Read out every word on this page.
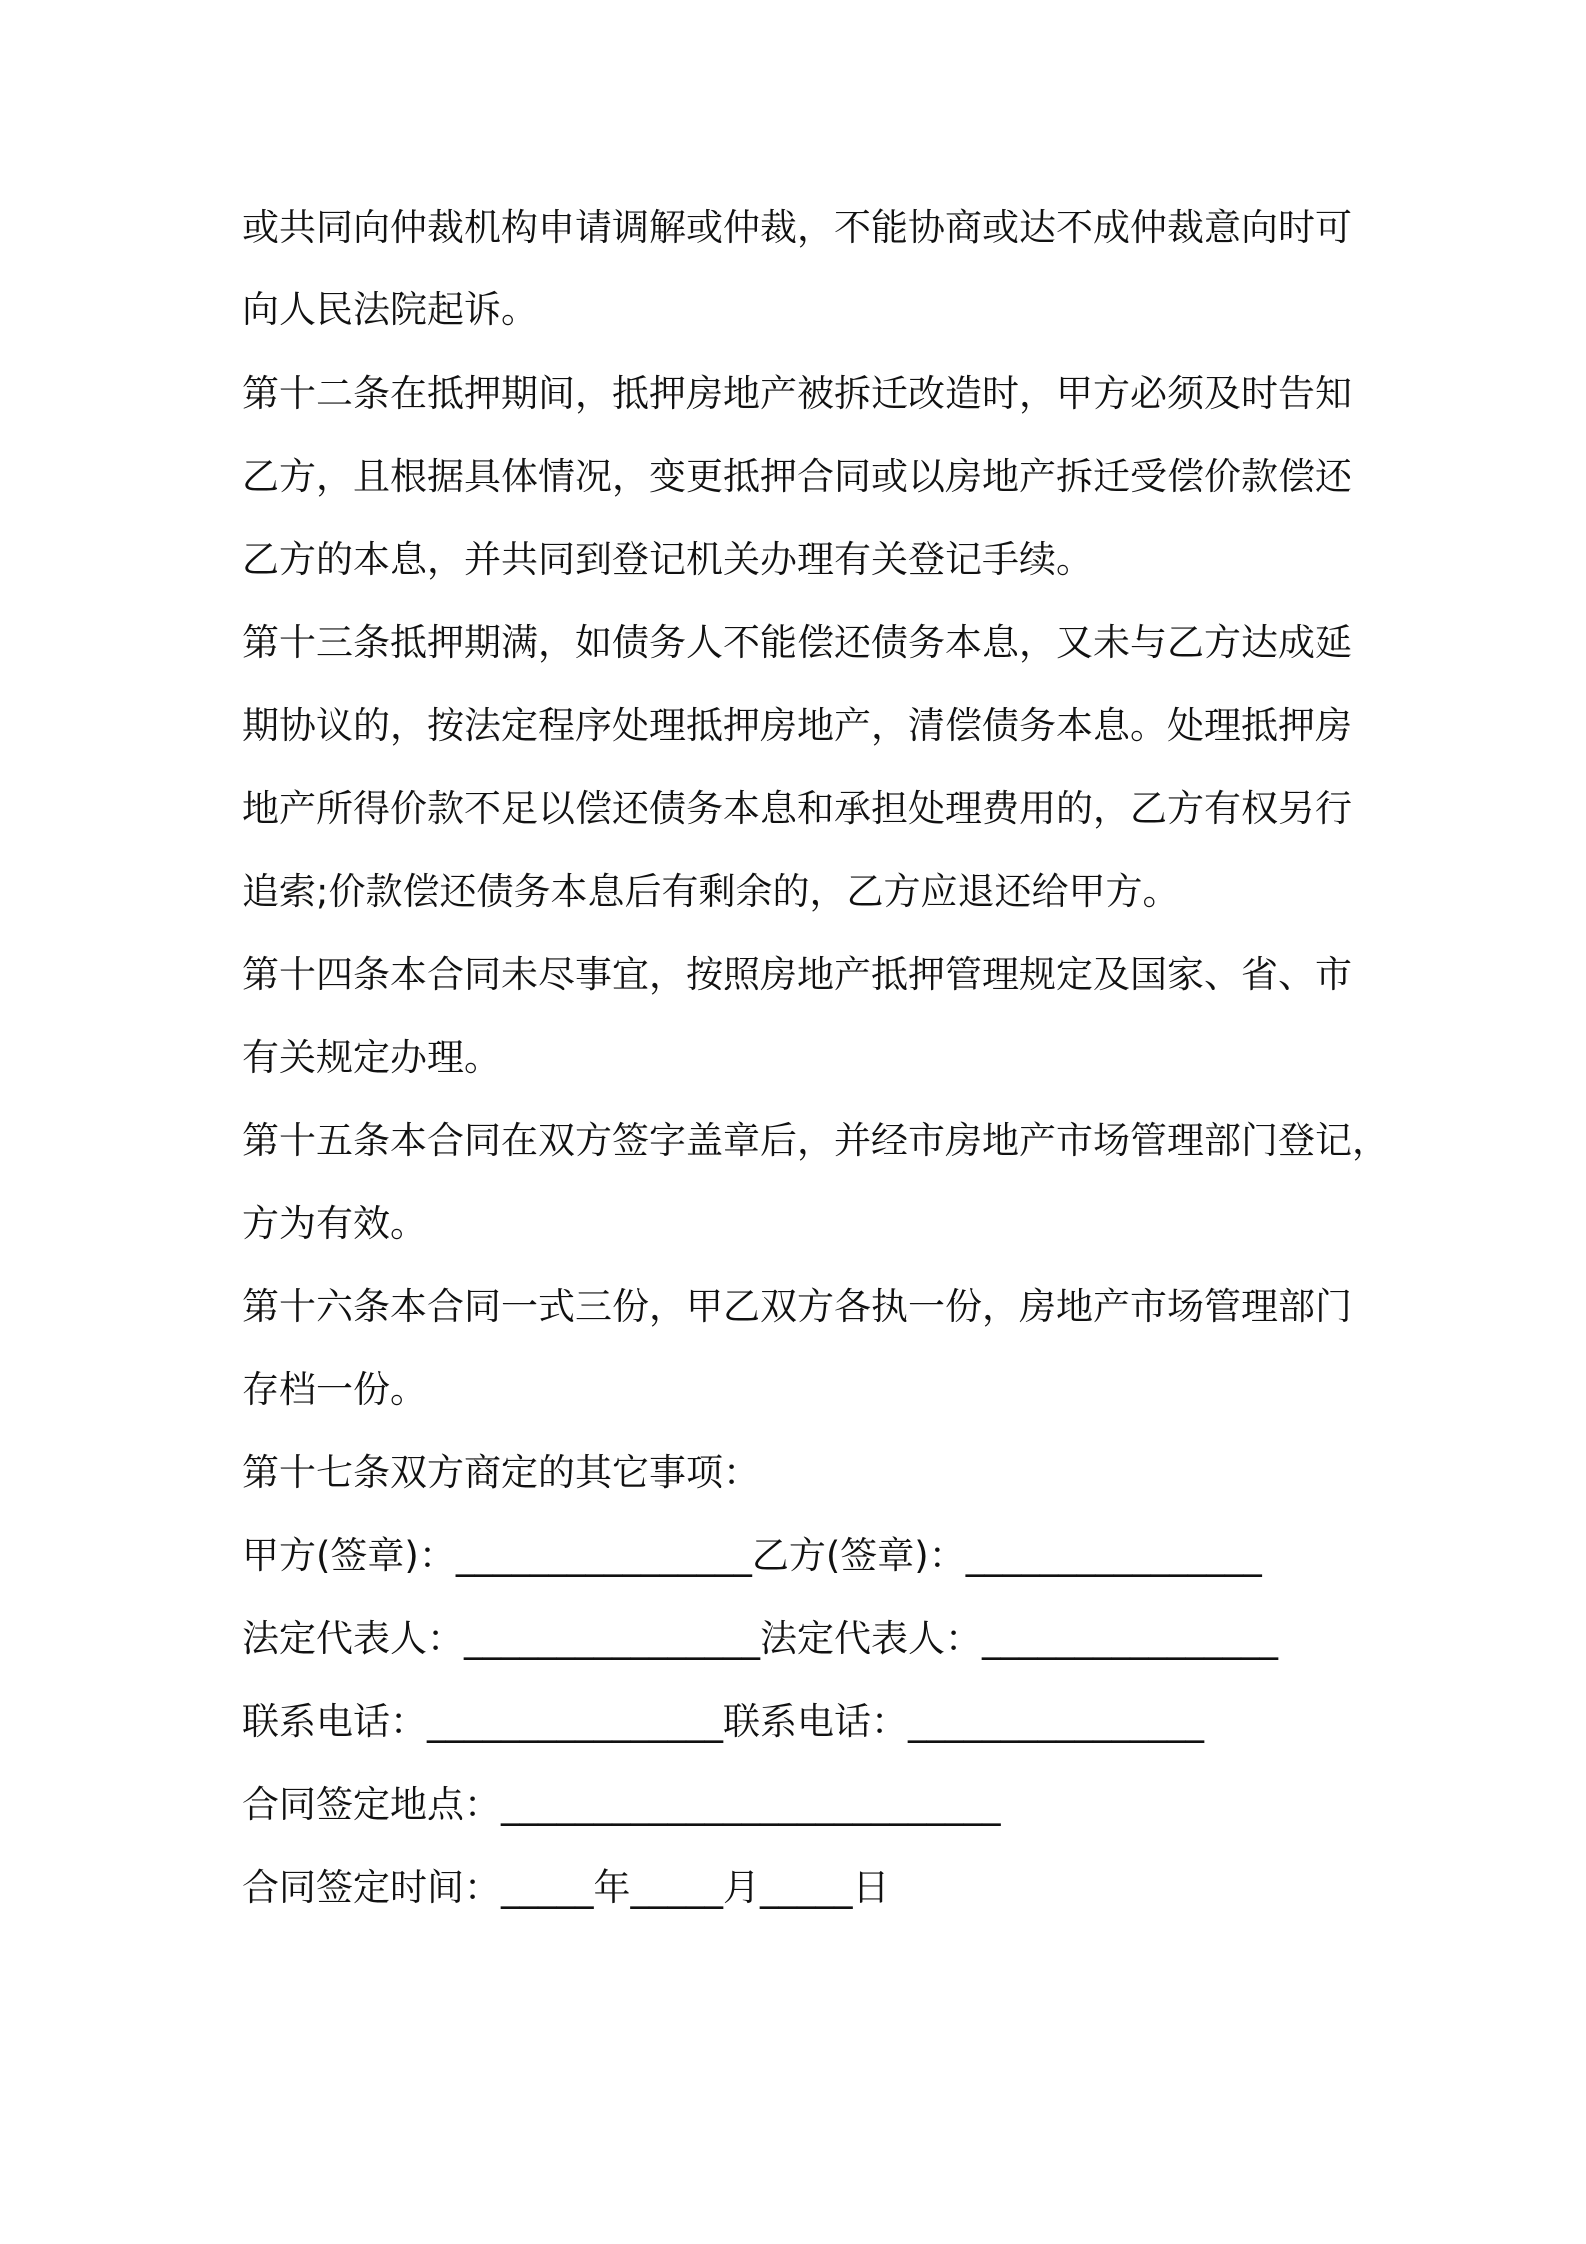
或共同向仲裁机构申请调解或仲裁，不能协商或达不成仲裁意向时可
向人民法院起诉。
第十二条在抵押期间，抵押房地产被拆迁改造时，甲方必须及时告知
乙方，且根据具体情况，变更抵押合同或以房地产拆迁受偿价款偿还
乙方的本息，并共同到登记机关办理有关登记手续。
第十三条抵押期满，如债务人不能偿还债务本息，又未与乙方达成延
期协议的，按法定程序处理抵押房地产，清偿债务本息。处理抵押房
地产所得价款不足以偿还债务本息和承担处理费用的，乙方有权另行
追索;价款偿还债务本息后有剩余的，乙方应退还给甲方。
第十四条本合同未尽事宜，按照房地产抵押管理规定及国家、省、市
有关规定办理。
第十五条本合同在双方签字盖章后，并经市房地产市场管理部门登记，
方为有效。
第十六条本合同一式三份，甲乙双方各执一份，房地产市场管理部门
存档一份。
第十七条双方商定的其它事项：
甲方(签章)：________________乙方(签章)：________________
法定代表人：________________法定代表人：________________
联系电话：________________联系电话：________________
合同签定地点：___________________________
合同签定时间：_____年_____月_____日
